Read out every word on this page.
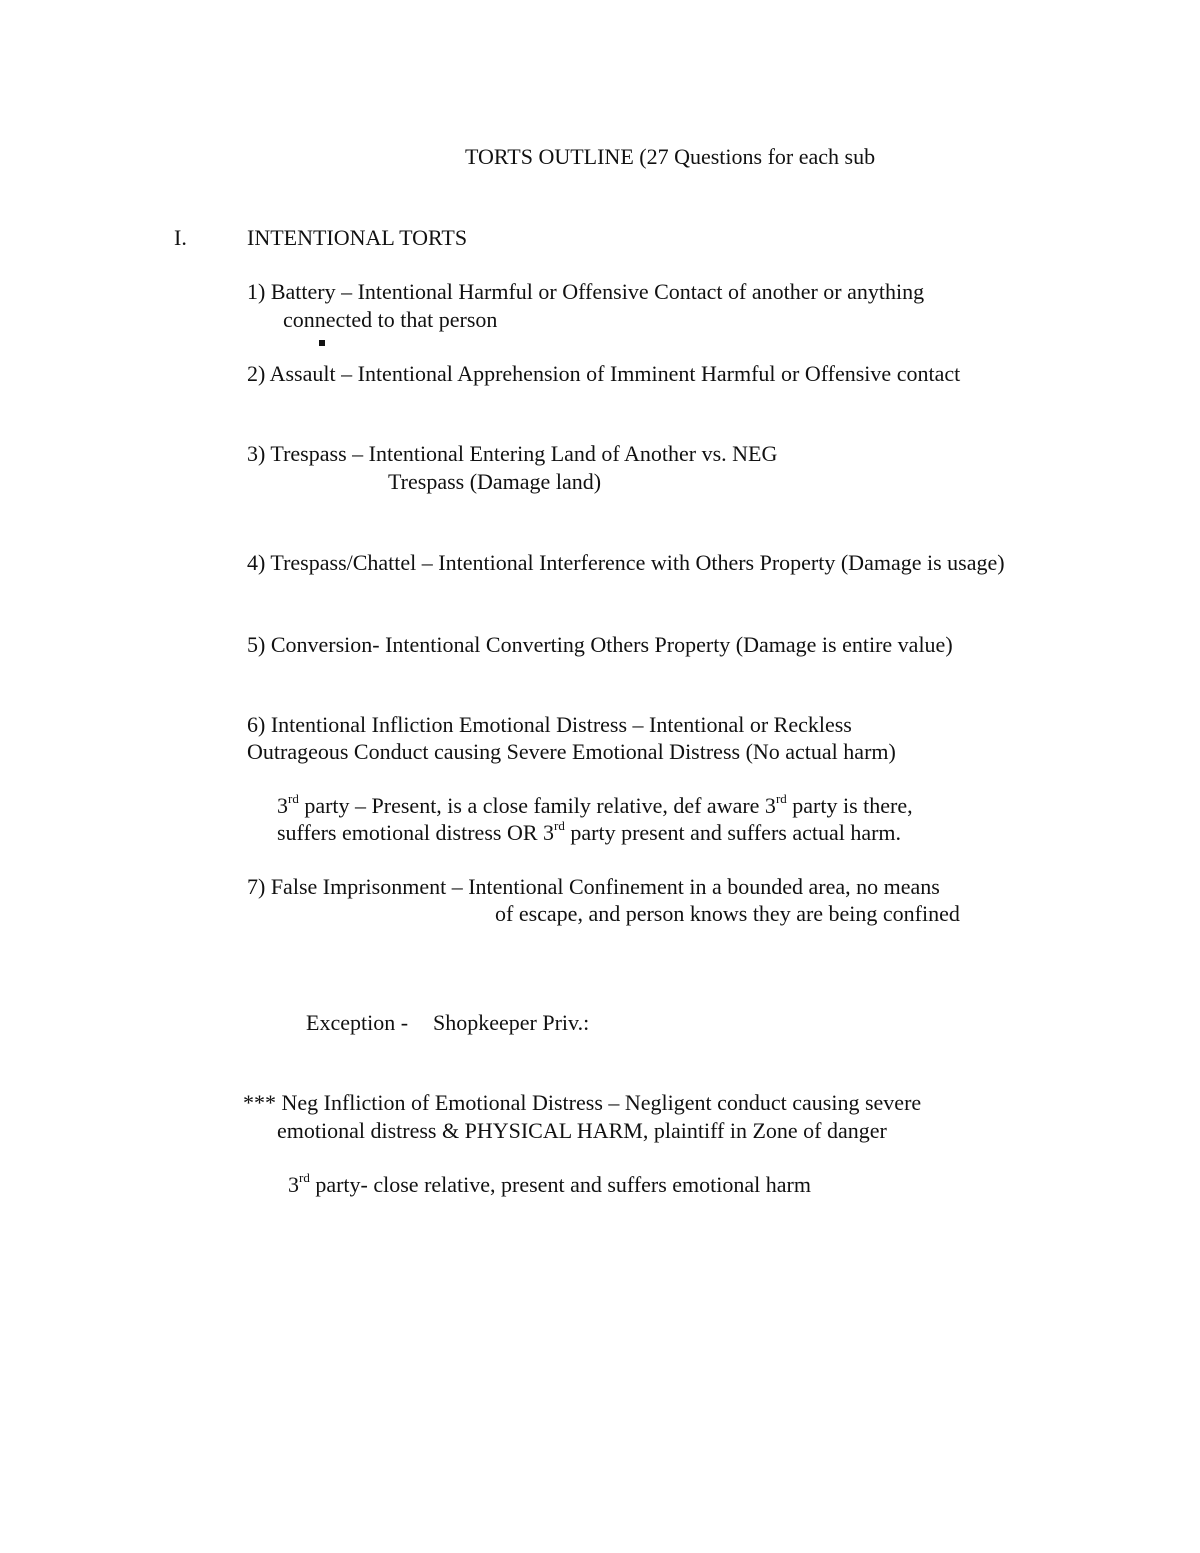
TORTS OUTLINE (27 Questions for each sub
I.	INTENTIONAL TORTS
1) Battery – Intentional Harmful or Offensive Contact of another or anything
connected to that person
2) Assault – Intentional Apprehension of Imminent Harmful or Offensive contact
3) Trespass – Intentional Entering Land of Another vs. NEG
Trespass (Damage land)
4) Trespass/Chattel – Intentional Interference with Others Property (Damage is usage)
5) Conversion- Intentional Converting Others Property (Damage is entire value)
6) Intentional Infliction Emotional Distress – Intentional or Reckless
Outrageous Conduct causing Severe Emotional Distress (No actual harm)
3rd party – Present, is a close family relative, def aware 3rd party is there,
suffers emotional distress OR 3rd party present and suffers actual harm.
7) False Imprisonment – Intentional Confinement in a bounded area, no means
of escape, and person knows they are being confined
Exception - Shopkeeper Priv.:
*** Neg Infliction of Emotional Distress – Negligent conduct causing severe
emotional distress & PHYSICAL HARM, plaintiff in Zone of danger
3rd party- close relative, present and suffers emotional harm
